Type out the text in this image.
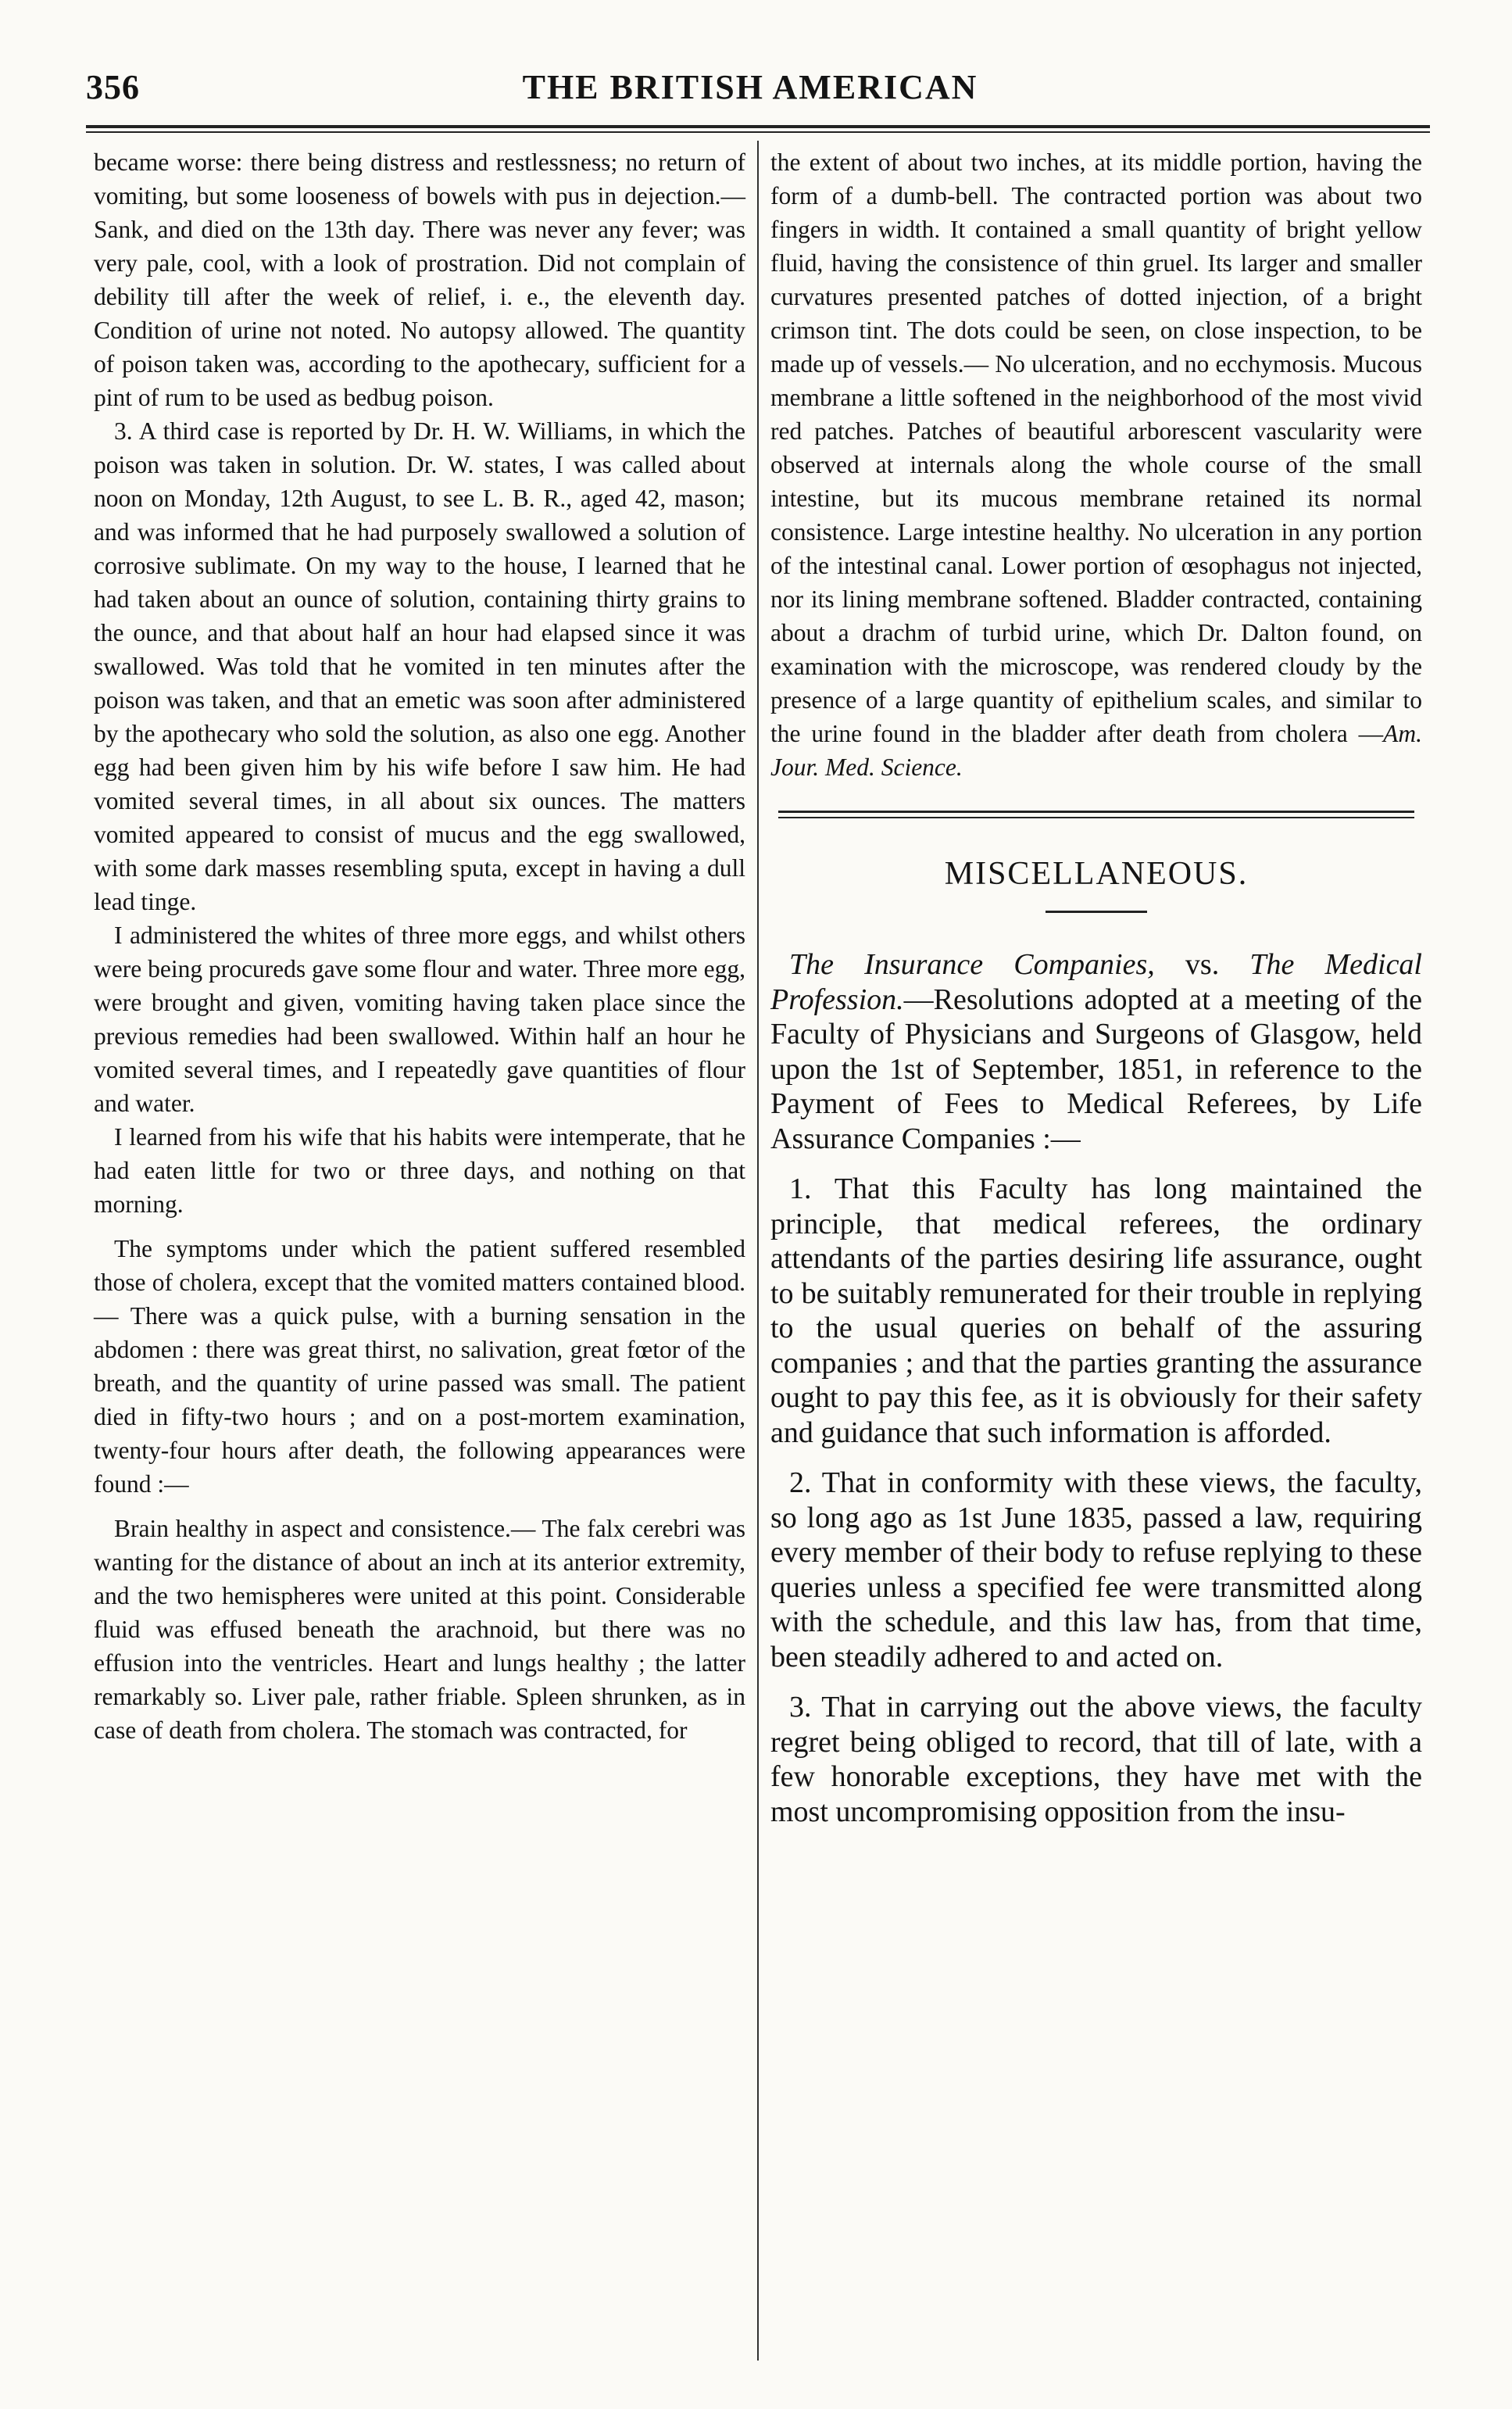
356	THE BRITISH AMERICAN

became worse: there being distress and restlessness; no return of vomiting, but some looseness of bowels with pus in dejection.— Sank, and died on the 13th day. There was never any fever; was very pale, cool, with a look of prostration. Did not complain of debility till after the week of relief, i. e., the eleventh day. Condition of urine not noted. No autopsy allowed. The quantity of poison taken was, according to the apothecary, sufficient for a pint of rum to be used as bedbug poison.

3. A third case is reported by Dr. H. W. Williams, in which the poison was taken in solution. Dr. W. states, I was called about noon on Monday, 12th August, to see L. B. R., aged 42, mason; and was informed that he had purposely swallowed a solution of corrosive sublimate. On my way to the house, I learned that he had taken about an ounce of solution, containing thirty grains to the ounce, and that about half an hour had elapsed since it was swallowed. Was told that he vomited in ten minutes after the poison was taken, and that an emetic was soon after administered by the apothecary who sold the solution, as also one egg. Another egg had been given him by his wife before I saw him. He had vomited several times, in all about six ounces. The matters vomited appeared to consist of mucus and the egg swallowed, with some dark masses resembling sputa, except in having a dull lead tinge.

I administered the whites of three more eggs, and whilst others were being procureds gave some flour and water. Three more egg, were brought and given, vomiting having taken place since the previous remedies had been swallowed. Within half an hour he vomited several times, and I repeatedly gave quantities of flour and water.

I learned from his wife that his habits were intemperate, that he had eaten little for two or three days, and nothing on that morning.

The symptoms under which the patient suffered resembled those of cholera, except that the vomited matters contained blood.— There was a quick pulse, with a burning sensation in the abdomen : there was great thirst, no salivation, great fœtor of the breath, and the quantity of urine passed was small. The patient died in fifty-two hours ; and on a post-mortem examination, twenty-four hours after death, the following appearances were found :—

Brain healthy in aspect and consistence.— The falx cerebri was wanting for the distance of about an inch at its anterior extremity, and the two hemispheres were united at this point. Considerable fluid was effused beneath the arachnoid, but there was no effusion into the ventricles. Heart and lungs healthy ; the latter remarkably so. Liver pale, rather friable. Spleen shrunken, as in case of death from cholera. The stomach was contracted, for

the extent of about two inches, at its middle portion, having the form of a dumb-bell. The contracted portion was about two fingers in width. It contained a small quantity of bright yellow fluid, having the consistence of thin gruel. Its larger and smaller curvatures presented patches of dotted injection, of a bright crimson tint. The dots could be seen, on close inspection, to be made up of vessels.— No ulceration, and no ecchymosis. Mucous membrane a little softened in the neighborhood of the most vivid red patches. Patches of beautiful arborescent vascularity were observed at internals along the whole course of the small intestine, but its mucous membrane retained its normal consistence. Large intestine healthy. No ulceration in any portion of the intestinal canal. Lower portion of œsophagus not injected, nor its lining membrane softened. Bladder contracted, containing about a drachm of turbid urine, which Dr. Dalton found, on examination with the microscope, was rendered cloudy by the presence of a large quantity of epithelium scales, and similar to the urine found in the bladder after death from cholera —Am. Jour. Med. Science.

MISCELLANEOUS.

The Insurance Companies, vs. The Medical Profession.—Resolutions adopted at a meeting of the Faculty of Physicians and Surgeons of Glasgow, held upon the 1st of September, 1851, in reference to the Payment of Fees to Medical Referees, by Life Assurance Companies :—

1. That this Faculty has long maintained the principle, that medical referees, the ordinary attendants of the parties desiring life assurance, ought to be suitably remunerated for their trouble in replying to the usual queries on behalf of the assuring companies ; and that the parties granting the assurance ought to pay this fee, as it is obviously for their safety and guidance that such information is afforded.

2. That in conformity with these views, the faculty, so long ago as 1st June 1835, passed a law, requiring every member of their body to refuse replying to these queries unless a specified fee were transmitted along with the schedule, and this law has, from that time, been steadily adhered to and acted on.

3. That in carrying out the above views, the faculty regret being obliged to record, that till of late, with a few honorable exceptions, they have met with the most uncompromising opposition from the insu-
